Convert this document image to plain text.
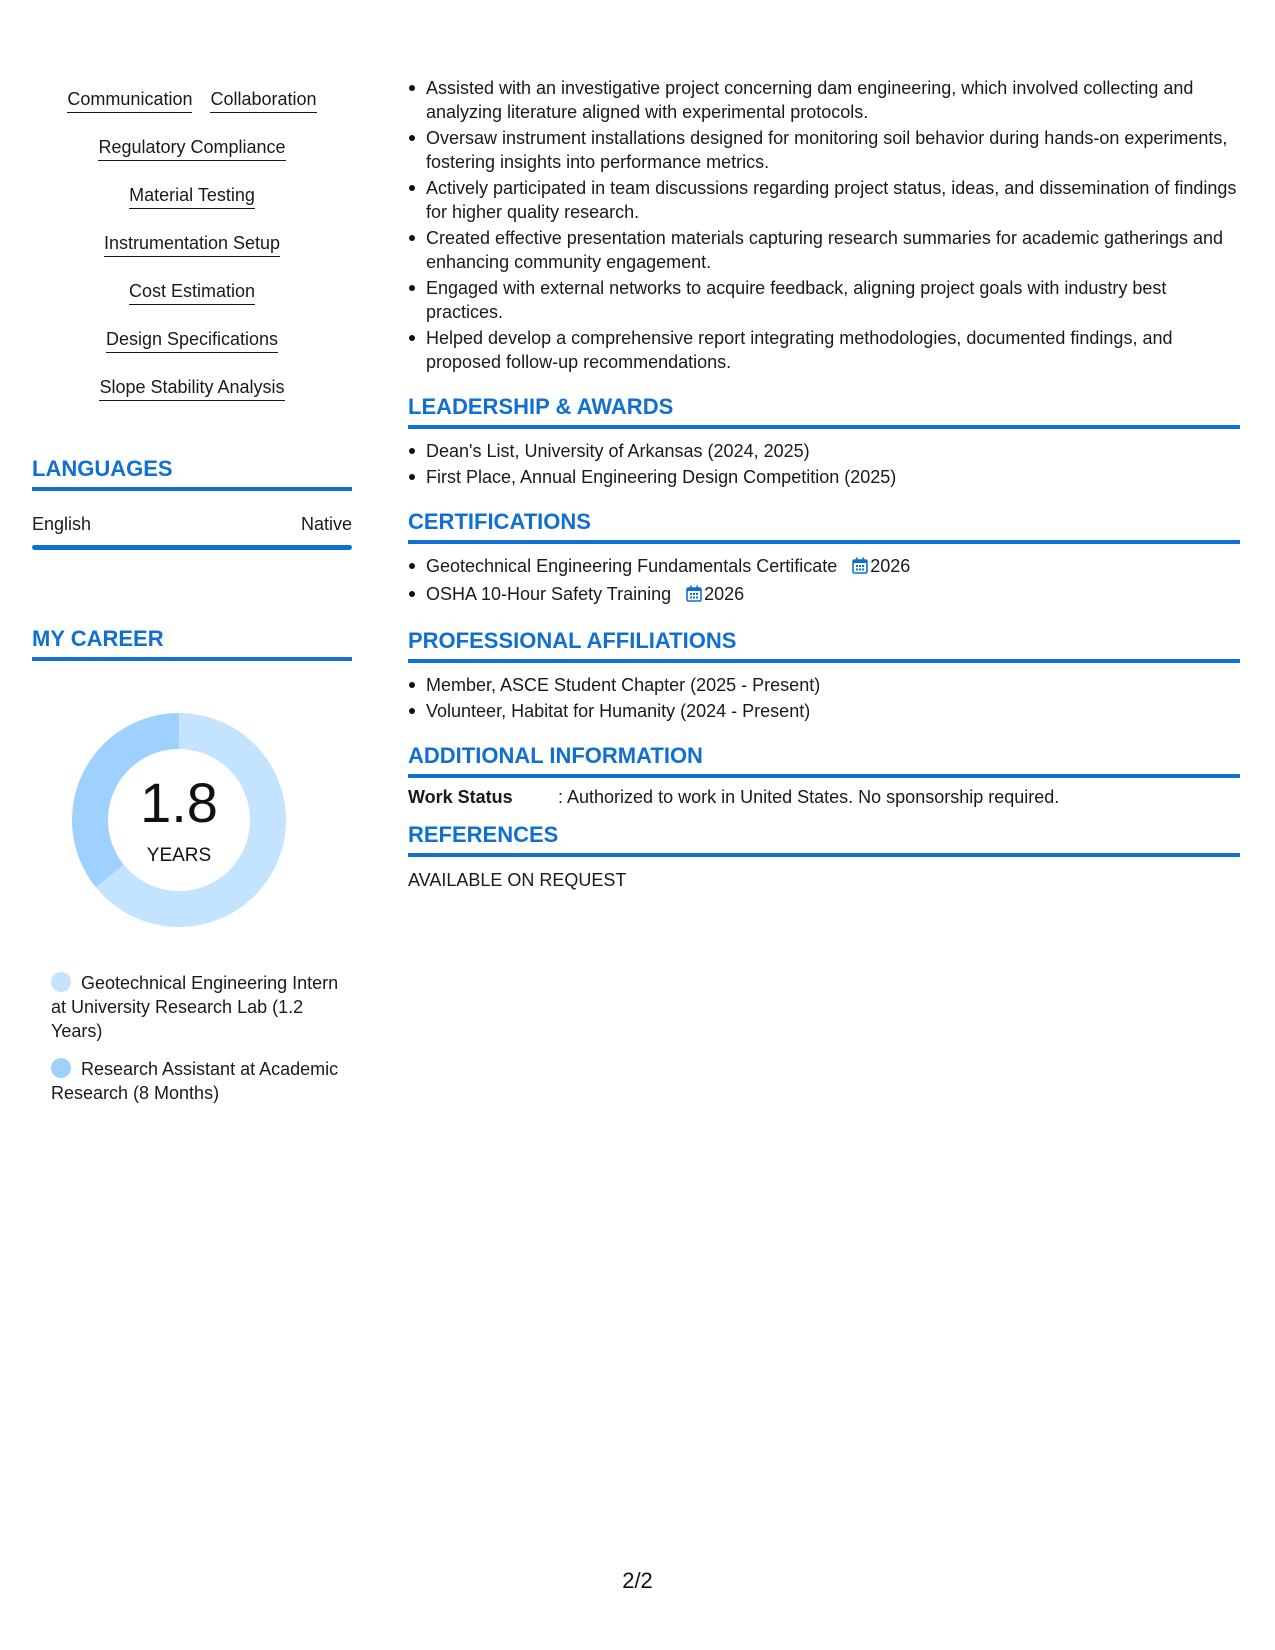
Communication Collaboration
Regulatory Compliance
Material Testing
Instrumentation Setup
Cost Estimation
Design Specifications
Slope Stability Analysis
LANGUAGES
English	Native
MY CAREER
1.8
YEARS
Geotechnical Engineering Intern at University Research Lab (1.2 Years)
Research Assistant at Academic Research (8 Months)
Assisted with an investigative project concerning dam engineering, which involved collecting and analyzing literature aligned with experimental protocols.
Oversaw instrument installations designed for monitoring soil behavior during hands-on experiments, fostering insights into performance metrics.
Actively participated in team discussions regarding project status, ideas, and dissemination of findings for higher quality research.
Created effective presentation materials capturing research summaries for academic gatherings and enhancing community engagement.
Engaged with external networks to acquire feedback, aligning project goals with industry best practices.
Helped develop a comprehensive report integrating methodologies, documented findings, and proposed follow-up recommendations.
LEADERSHIP & AWARDS
Dean's List, University of Arkansas (2024, 2025)
First Place, Annual Engineering Design Competition (2025)
CERTIFICATIONS
Geotechnical Engineering Fundamentals Certificate 2026
OSHA 10-Hour Safety Training 2026
PROFESSIONAL AFFILIATIONS
Member, ASCE Student Chapter (2025 - Present)
Volunteer, Habitat for Humanity (2024 - Present)
ADDITIONAL INFORMATION
Work Status	: Authorized to work in United States. No sponsorship required.
REFERENCES
AVAILABLE ON REQUEST
2/2
